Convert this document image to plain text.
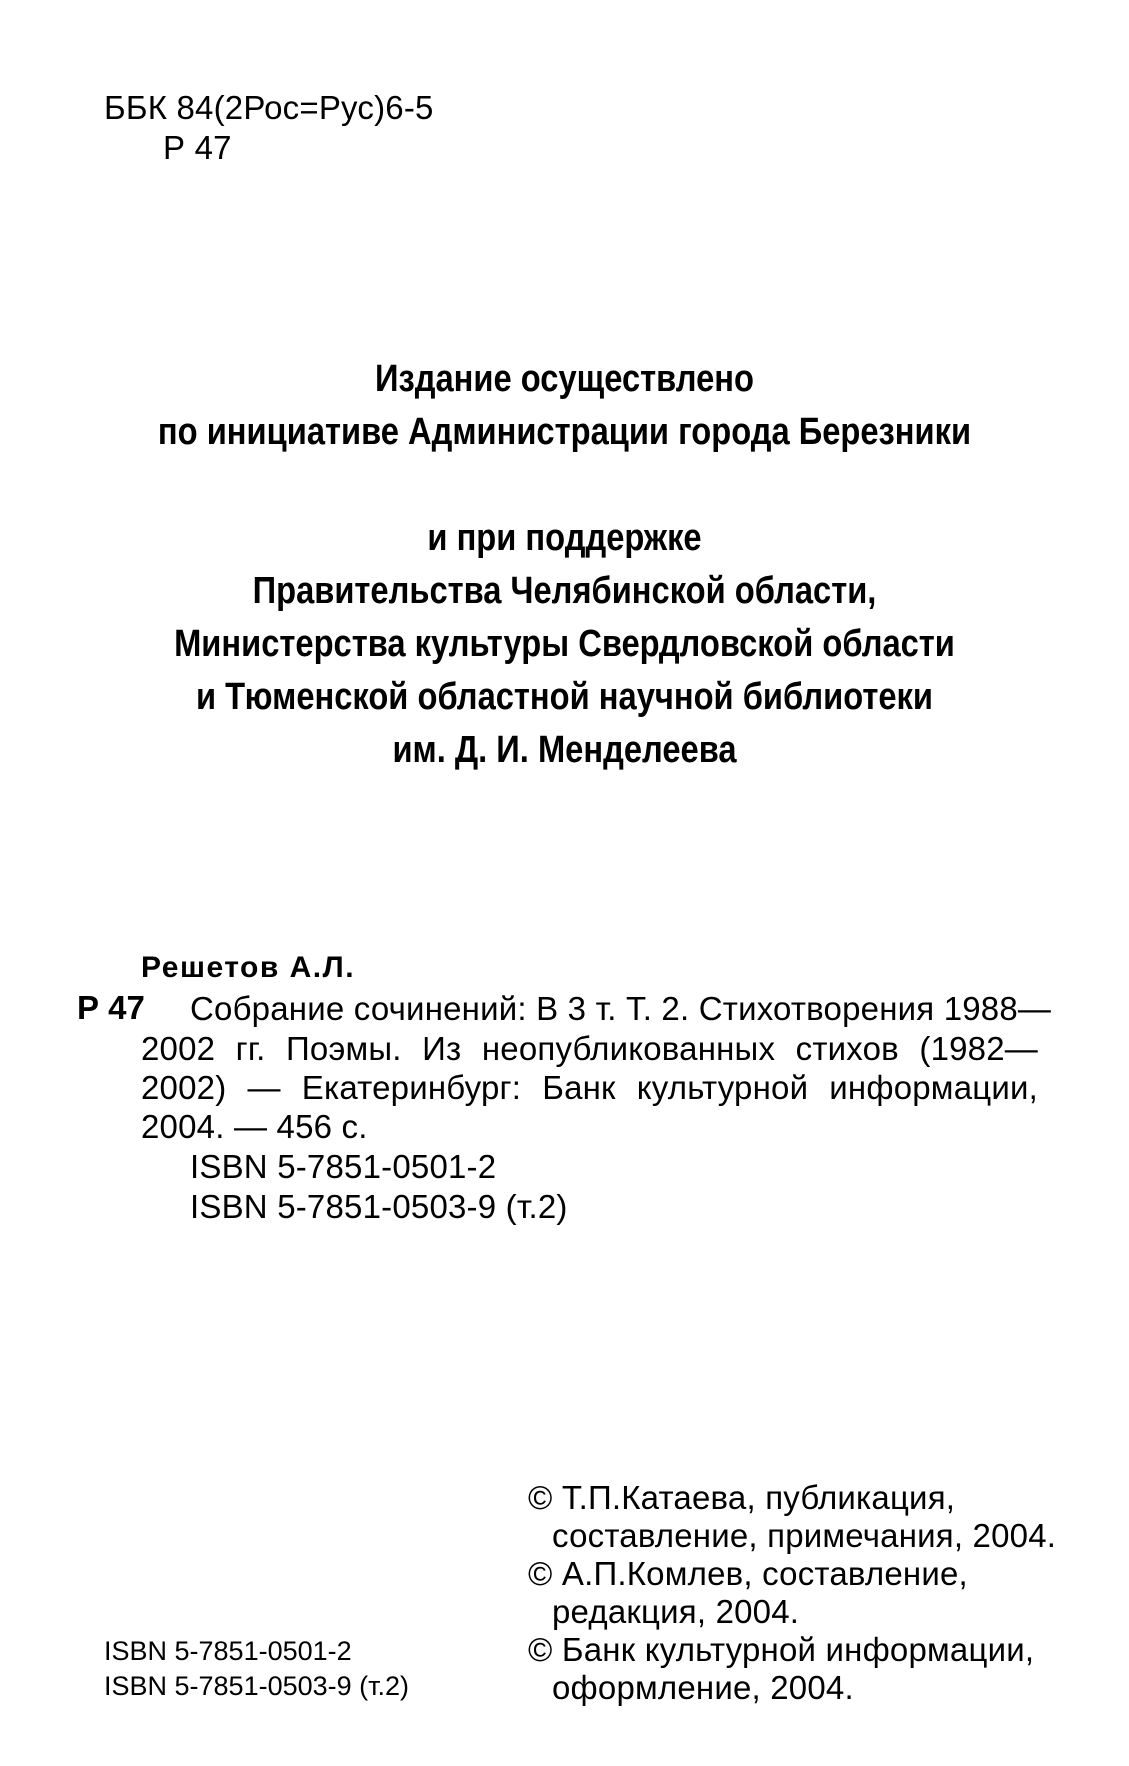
ББК 84(2Рос=Рус)6-5
Р 47
Издание осуществлено
по инициативе Администрации города Березники
и при поддержке
Правительства Челябинской области,
Министерства культуры Свердловской области
и Тюменской областной научной библиотеки
им. Д. И. Менделеева
Решетов А.Л.
Р 47 Собрание сочинений: В 3 т. Т. 2. Стихотворения 1988—
2002 гг. Поэмы. Из неопубликованных стихов (1982—
2002) — Екатеринбург: Банк культурной информации,
2004. — 456 с.
ISBN 5-7851-0501-2
ISBN 5-7851-0503-9 (т.2)
© Т.П.Катаева, публикация,
составление, примечания, 2004.
© А.П.Комлев, составление,
редакция, 2004.
© Банк культурной информации,
оформление, 2004.
ISBN 5-7851-0501-2
ISBN 5-7851-0503-9 (т.2)
